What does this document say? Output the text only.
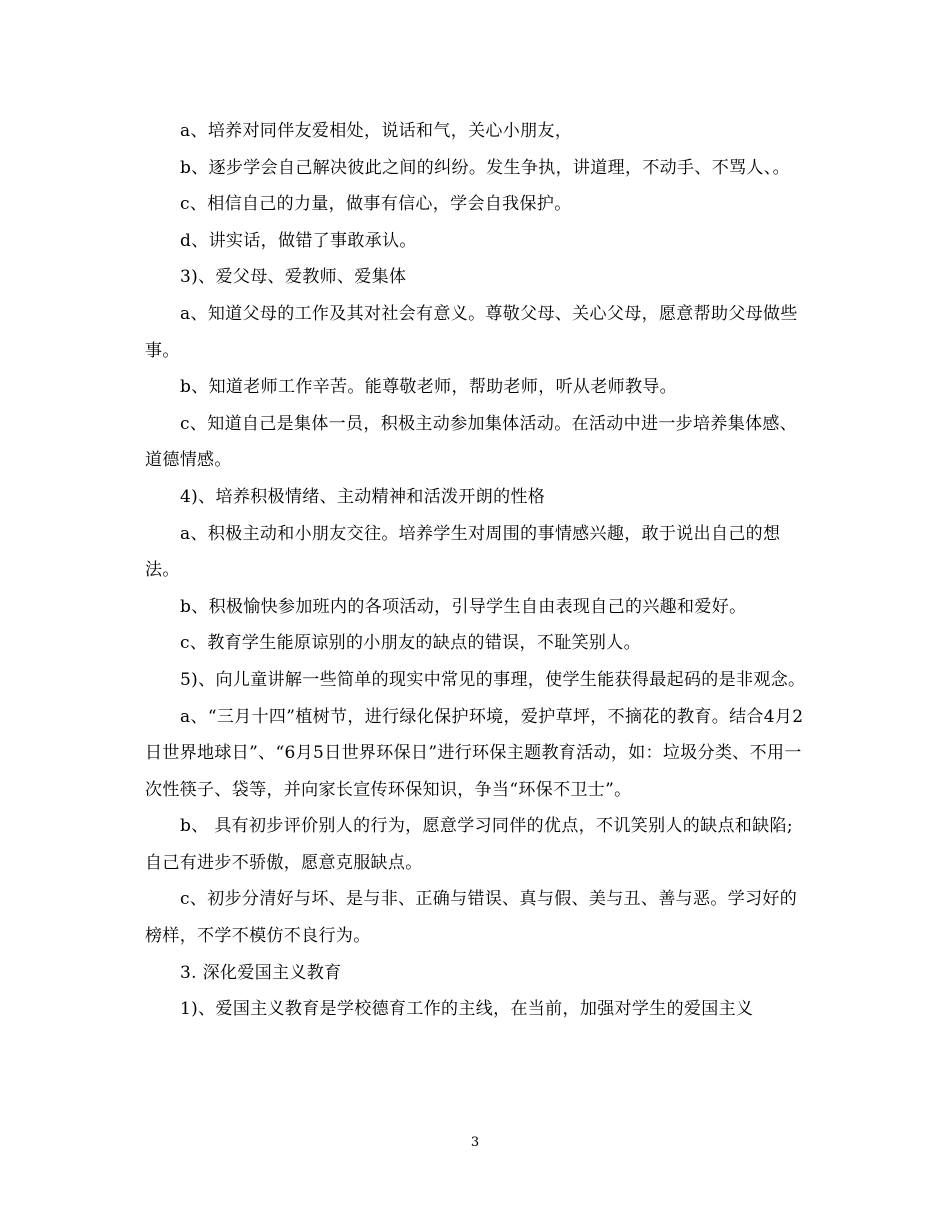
a、培养对同伴友爱相处，说话和气，关心小朋友，

b、逐步学会自己解决彼此之间的纠纷。发生争执，讲道理，不动手、不骂人、。

c、相信自己的力量，做事有信心，学会自我保护。

d、讲实话，做错了事敢承认。

3)、爱父母、爱教师、爱集体

a、知道父母的工作及其对社会有意义。尊敬父母、关心父母，愿意帮助父母做些事。

b、知道老师工作辛苦。能尊敬老师，帮助老师，听从老师教导。

c、知道自己是集体一员，积极主动参加集体活动。在活动中进一步培养集体感、道德情感。

4)、培养积极情绪、主动精神和活泼开朗的性格

a、积极主动和小朋友交往。培养学生对周围的事情感兴趣，敢于说出自己的想法。

b、积极愉快参加班内的各项活动，引导学生自由表现自己的兴趣和爱好。

c、教育学生能原谅别的小朋友的缺点的错误，不耻笑别人。

5)、向儿童讲解一些简单的现实中常见的事理，使学生能获得最起码的是非观念。

a、“三月十四”植树节，进行绿化保护环境，爱护草坪，不摘花的教育。结合4月2日世界地球日”、“6月5日世界环保日”进行环保主题教育活动，如：垃圾分类、不用一次性筷子、袋等，并向家长宣传环保知识，争当“环保不卫士”。

b、 具有初步评价别人的行为，愿意学习同伴的优点，不讥笑别人的缺点和缺陷;自己有进步不骄傲，愿意克服缺点。

c、初步分清好与坏、是与非、正确与错误、真与假、美与丑、善与恶。学习好的榜样，不学不模仿不良行为。

3. 深化爱国主义教育

1)、爱国主义教育是学校德育工作的主线，在当前，加强对学生的爱国主义

3
